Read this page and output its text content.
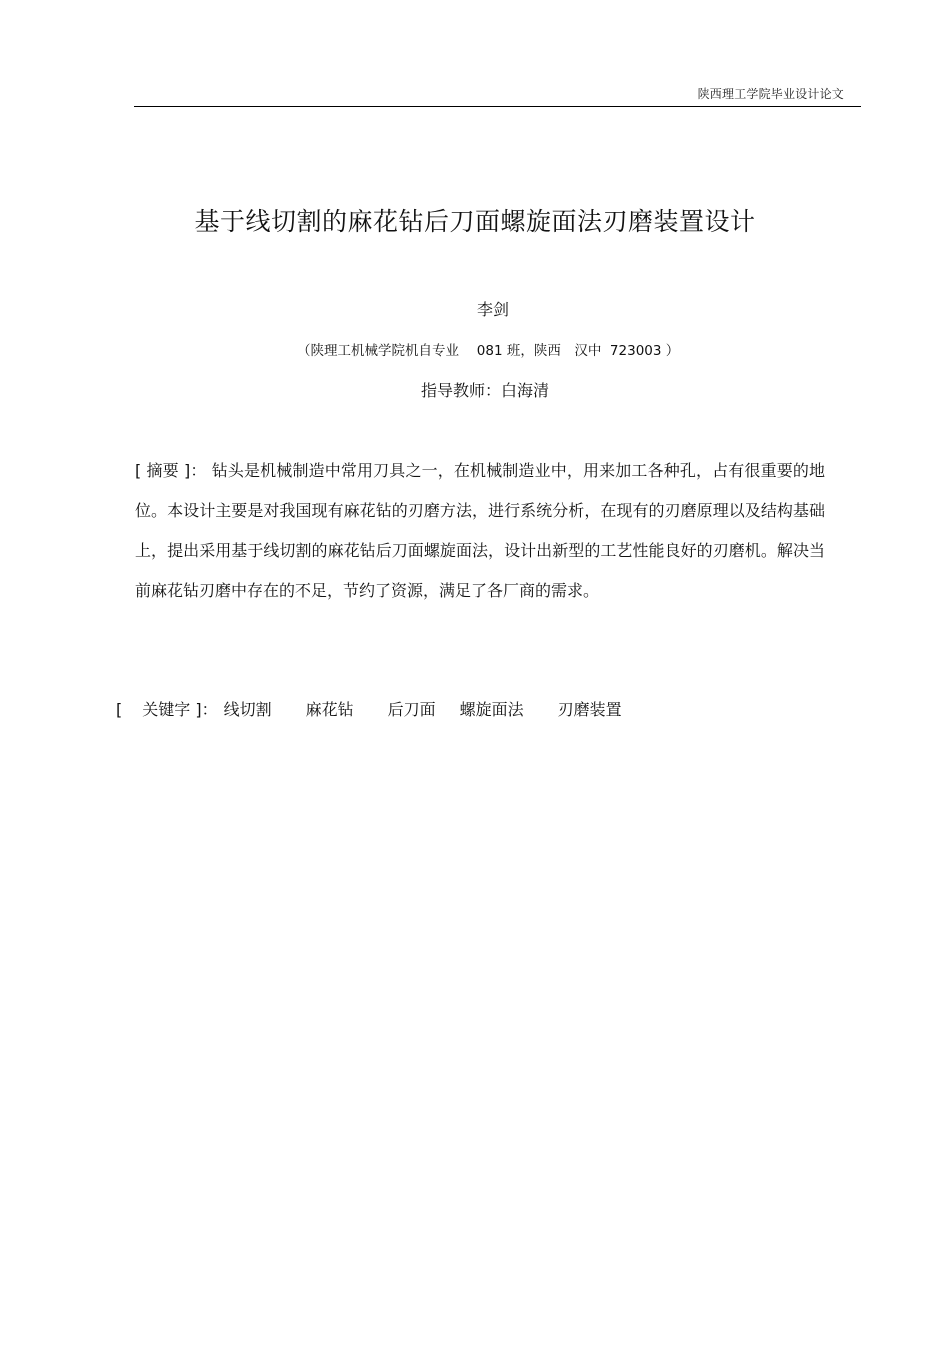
陕西理工学院毕业设计论文
基于线切割的麻花钻后刀面螺旋面法刃磨装置设计
李剑
（陕理工机械学院机自专业　 081 班，陕西　汉中  723003 ）
指导教师：白海清

[ 摘要 ]： 钻头是机械制造中常用刀具之一，在机械制造业中，用来加工各种孔，占有很重要的地位。本设计主要是对我国现有麻花钻的刃磨方法，进行系统分析，在现有的刃磨原理以及结构基础上，提出采用基于线切割的麻花钻后刀面螺旋面法，设计出新型的工艺性能良好的刃磨机。解决当前麻花钻刃磨中存在的不足，节约了资源，满足了各厂商的需求。

[ 关键字 ]： 线切割 麻花钻 后刀面 螺旋面法 刃磨装置
